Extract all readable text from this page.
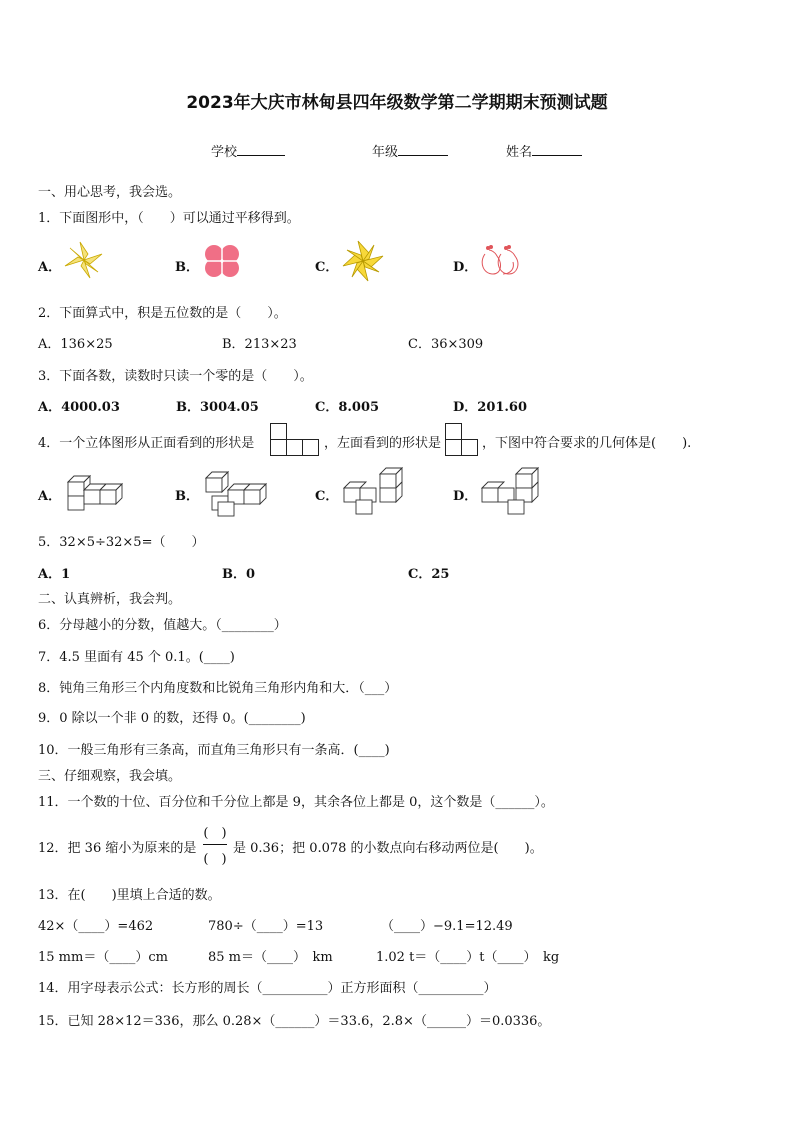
2023年大庆市林甸县四年级数学第二学期期末预测试题
学校	年级	姓名
一、用心思考，我会选。
1．下面图形中，（　　）可以通过平移得到。
A．	B．	C．	D．
2．下面算式中，积是五位数的是（　　）。
A．136×25	B．213×23	C．36×309
3．下面各数，读数时只读一个零的是（　　）。
A．4000.03	B．3004.05	C．8.005	D．201.60
4．一个立体图形从正面看到的形状是	，左面看到的形状是	，下图中符合要求的几何体是(　　).
A．	B．	C．	D．
5．32×5÷32×5=（　　）
A．1	B．0	C．25
二、认真辨析，我会判。
6．分母越小的分数，值越大。（________）
7．4.5 里面有 45 个 0.1。(____)
8．钝角三角形三个内角度数和比锐角三角形内角和大．（___）
9．0 除以一个非 0 的数，还得 0。(________)
10．一般三角形有三条高，而直角三角形只有一条高．(____)
三、仔细观察，我会填。
11．一个数的十位、百分位和千分位上都是 9，其余各位上都是 0，这个数是（______）。
12．把 36 缩小为原来的是
(　)
(　)
是 0.36；把 0.078 的小数点向右移动两位是(　　)。
13．在(　　)里填上合适的数。
42×（____）=462	780÷（____）=13	（____）−9.1=12.49
15 mm＝（____）cm	85 m＝（____）　km	1.02 t＝（____）t（____）　kg
14．用字母表示公式：长方形的周长（__________）正方形面积（__________）
15．已知 28×12＝336，那么 0.28×（______）＝33.6，2.8×（______）＝0.0336。
